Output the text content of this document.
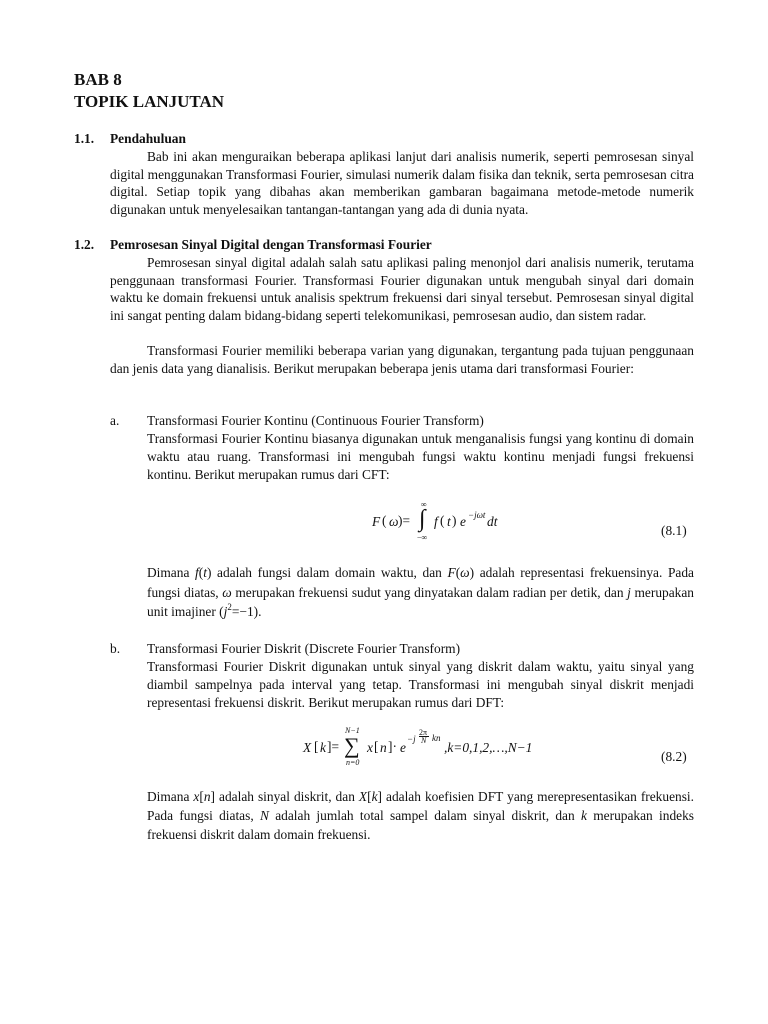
BAB 8
TOPIK LANJUTAN
1.1. Pendahuluan

Bab ini akan menguraikan beberapa aplikasi lanjut dari analisis numerik, seperti pemrosesan sinyal digital menggunakan Transformasi Fourier, simulasi numerik dalam fisika dan teknik, serta pemrosesan citra digital. Setiap topik yang dibahas akan memberikan gambaran bagaimana metode-metode numerik digunakan untuk menyelesaikan tantangan-tantangan yang ada di dunia nyata.

1.2. Pemrosesan Sinyal Digital dengan Transformasi Fourier

Pemrosesan sinyal digital adalah salah satu aplikasi paling menonjol dari analisis numerik, terutama penggunaan transformasi Fourier. Transformasi Fourier digunakan untuk mengubah sinyal dari domain waktu ke domain frekuensi untuk analisis spektrum frekuensi dari sinyal tersebut. Pemrosesan sinyal digital ini sangat penting dalam bidang-bidang seperti telekomunikasi, pemrosesan audio, dan sistem radar.

Transformasi Fourier memiliki beberapa varian yang digunakan, tergantung pada tujuan penggunaan dan jenis data yang dianalisis. Berikut merupakan beberapa jenis utama dari transformasi Fourier:

a. Transformasi Fourier Kontinu (Continuous Fourier Transform)

Transformasi Fourier Kontinu biasanya digunakan untuk menganalisis fungsi yang kontinu di domain waktu atau ruang. Transformasi ini mengubah fungsi waktu kontinu menjadi fungsi frekuensi kontinu. Berikut merupakan rumus dari CFT:

F ( ω )=
∞
∫
−∞
f ( t ) e −jωt dt
(8.1)

Dimana f(t) adalah fungsi dalam domain waktu, dan F(ω) adalah representasi frekuensinya. Pada fungsi diatas, ω merupakan frekuensi sudut yang dinyatakan dalam radian per detik, dan j merupakan unit imajiner $(j^2=-1)$.

b. Transformasi Fourier Diskrit (Discrete Fourier Transform)

Transformasi Fourier Diskrit digunakan untuk sinyal yang diskrit dalam waktu, yaitu sinyal yang diambil sampelnya pada interval yang tetap. Transformasi ini mengubah sinyal diskrit menjadi representasi frekuensi diskrit. Berikut merupakan rumus dari DFT:

X [ k ]=
N−1
∑
n=0
x [ n ]· e
−j
2π
N kn
,k=0,1,2,…,N−1
(8.2)

Dimana x[n] adalah sinyal diskrit, dan X[k] adalah koefisien DFT yang merepresentasikan frekuensi. Pada fungsi diatas, N adalah jumlah total sampel dalam sinyal diskrit, dan k merupakan indeks frekuensi diskrit dalam domain frekuensi.
